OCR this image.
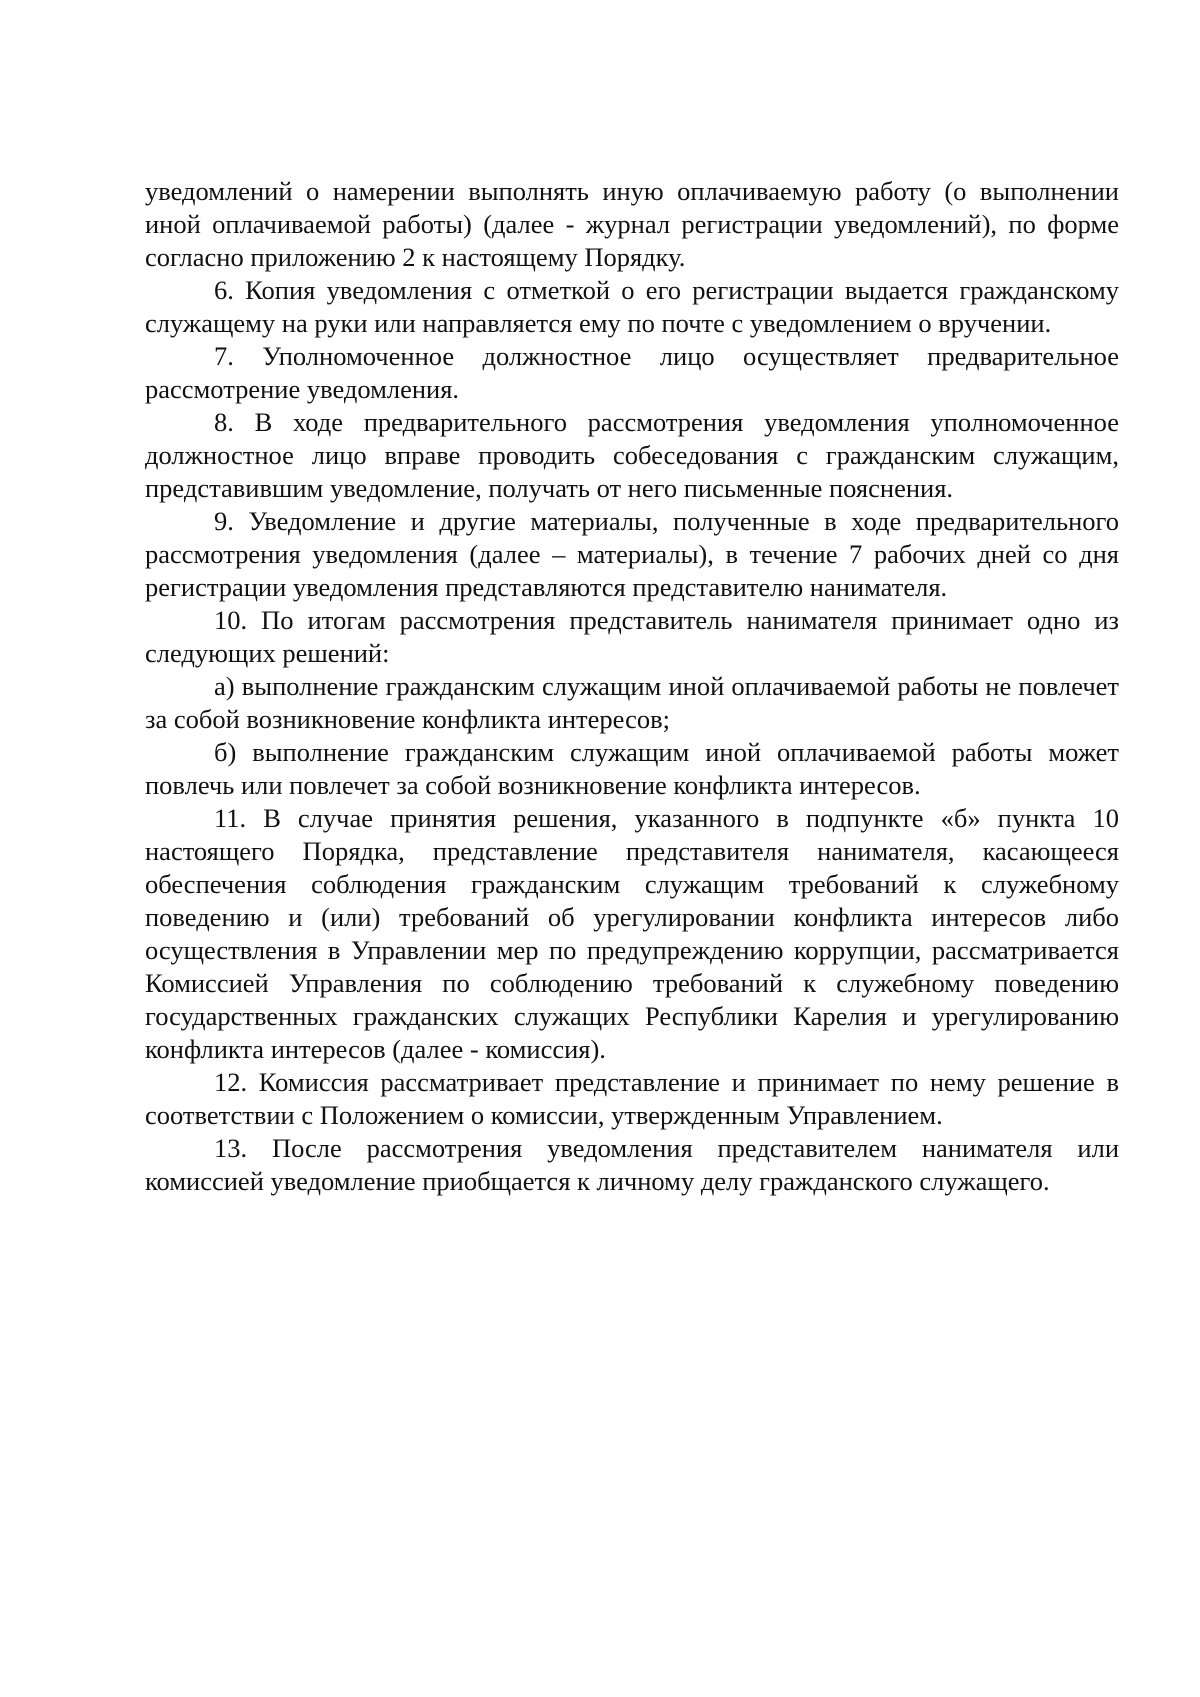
уведомлений о намерении выполнять иную оплачиваемую работу (о выполнении иной оплачиваемой работы) (далее - журнал регистрации уведомлений), по форме согласно приложению 2 к настоящему Порядку.

6. Копия уведомления с отметкой о его регистрации выдается гражданскому служащему на руки или направляется ему по почте с уведомлением о вручении.

7. Уполномоченное должностное лицо осуществляет предварительное рассмотрение уведомления.

8. В ходе предварительного рассмотрения уведомления уполномоченное должностное лицо вправе проводить собеседования с гражданским служащим, представившим уведомление, получать от него письменные пояснения.

9. Уведомление и другие материалы, полученные в ходе предварительного рассмотрения уведомления (далее – материалы), в течение 7 рабочих дней со дня регистрации уведомления представляются представителю нанимателя.

10. По итогам рассмотрения представитель нанимателя принимает одно из следующих решений:

а) выполнение гражданским служащим иной оплачиваемой работы не повлечет за собой возникновение конфликта интересов;

б) выполнение гражданским служащим иной оплачиваемой работы может повлечь или повлечет за собой возникновение конфликта интересов.

11. В случае принятия решения, указанного в подпункте «б» пункта 10 настоящего Порядка, представление представителя нанимателя, касающееся обеспечения соблюдения гражданским служащим требований к служебному поведению и (или) требований об урегулировании конфликта интересов либо осуществления в Управлении мер по предупреждению коррупции, рассматривается Комиссией Управления по соблюдению требований к служебному поведению государственных гражданских служащих Республики Карелия и урегулированию конфликта интересов (далее - комиссия).

12. Комиссия рассматривает представление и принимает по нему решение в соответствии с Положением о комиссии, утвержденным Управлением.

13. После рассмотрения уведомления представителем нанимателя или комиссией уведомление приобщается к личному делу гражданского служащего.
